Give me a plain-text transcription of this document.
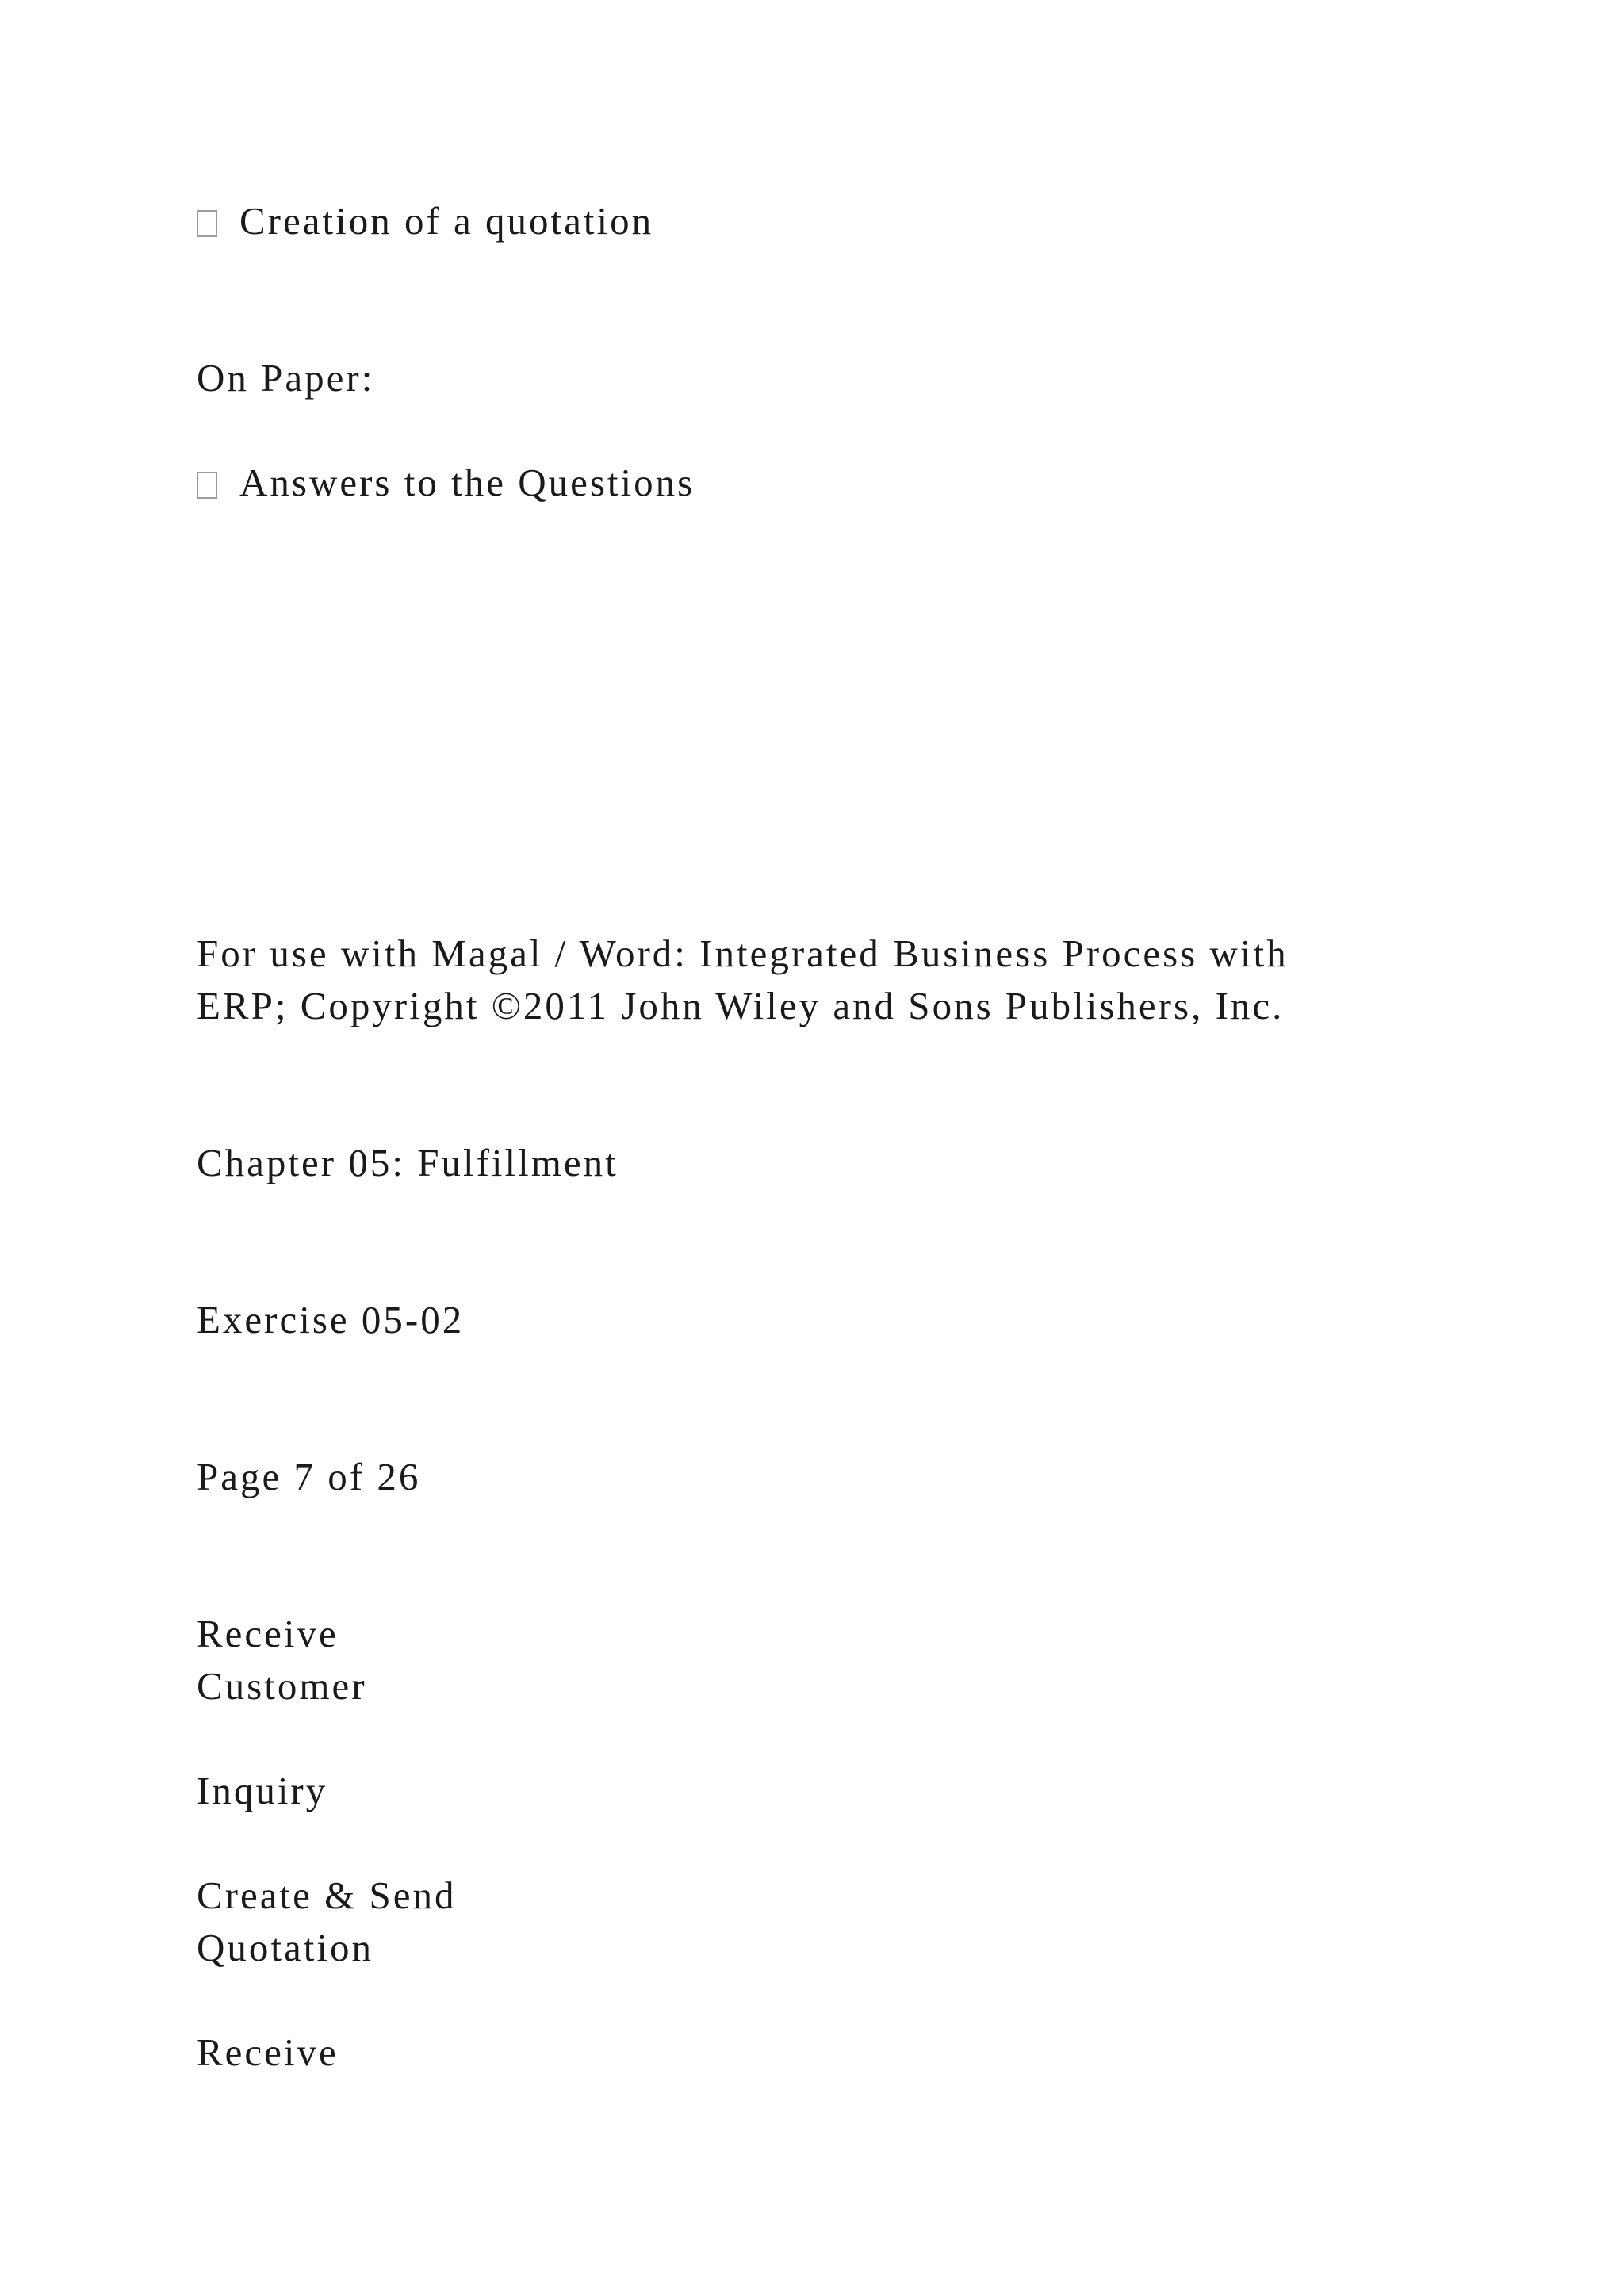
Creation of a quotation

On Paper:

Answers to the Questions

For use with Magal / Word: Integrated Business Process with

ERP; Copyright ©2011 John Wiley and Sons Publishers, Inc.

Chapter 05: Fulfillment

Exercise 05-02

Page 7 of 26

Receive

Customer

Inquiry

Create & Send

Quotation

Receive
